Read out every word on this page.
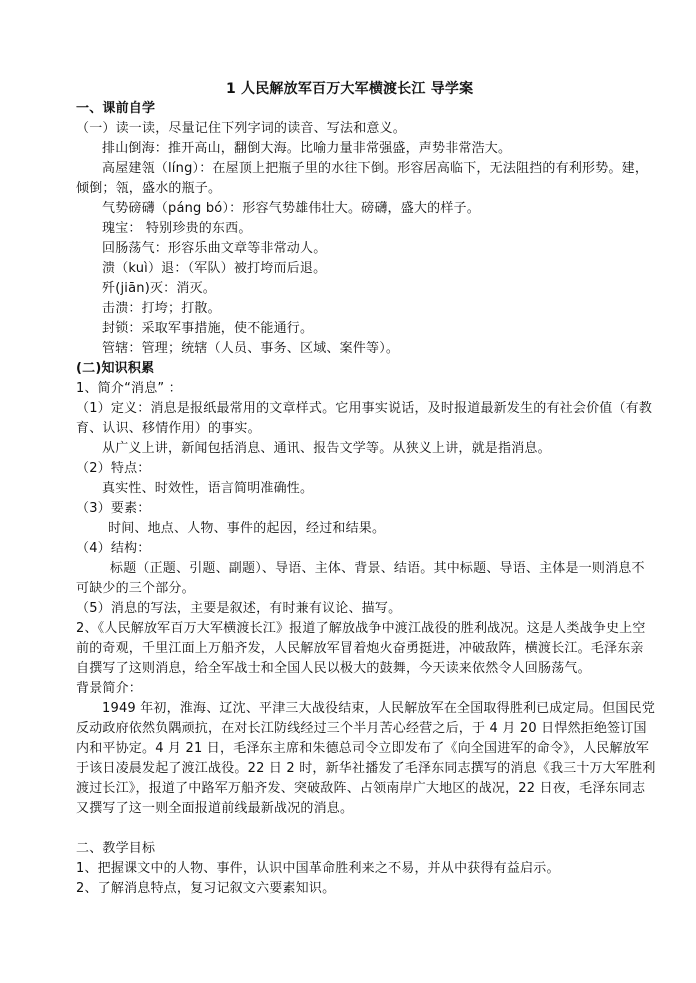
1 人民解放军百万大军横渡长江 导学案
一、课前自学
（一）读一读，尽量记住下列字词的读音、写法和意义。
排山倒海：推开高山，翻倒大海。比喻力量非常强盛，声势非常浩大。
高屋建瓴（líng）：在屋顶上把瓶子里的水往下倒。形容居高临下，无法阻挡的有利形势。建，
倾倒；瓴，盛水的瓶子。
气势磅礴（páng bó）：形容气势雄伟壮大。磅礴，盛大的样子。
瑰宝： 特别珍贵的东西。
回肠荡气：形容乐曲文章等非常动人。
溃（kuì）退：（军队）被打垮而后退。
歼(jiān)灭：消灭。
击溃：打垮；打散。
封锁：采取军事措施，使不能通行。
管辖：管理；统辖（人员、事务、区域、案件等）。
(二)知识积累
1、简介“消息” ：
（1）定义：消息是报纸最常用的文章样式。它用事实说话，及时报道最新发生的有社会价值（有教
育、认识、移情作用）的事实。
从广义上讲，新闻包括消息、通讯、报告文学等。从狭义上讲，就是指消息。
（2）特点：
真实性、时效性，语言简明准确性。
（3）要素：
时间、地点、人物、事件的起因，经过和结果。
（4）结构：
标题（正题、引题、副题）、导语、主体、背景、结语。其中标题、导语、主体是一则消息不
可缺少的三个部分。
（5）消息的写法，主要是叙述，有时兼有议论、描写。
2、《人民解放军百万大军横渡长江》报道了解放战争中渡江战役的胜利战况。这是人类战争史上空
前的奇观，千里江面上万船齐发，人民解放军冒着炮火奋勇挺进，冲破敌阵，横渡长江。毛泽东亲
自撰写了这则消息，给全军战士和全国人民以极大的鼓舞，今天读来依然令人回肠荡气。
背景简介：
1949 年初，淮海、辽沈、平津三大战役结束，人民解放军在全国取得胜利已成定局。但国民党
反动政府依然负隅顽抗，在对长江防线经过三个半月苦心经营之后，于 4 月 20 日悍然拒绝签订国
内和平协定。4 月 21 日，毛泽东主席和朱德总司令立即发布了《向全国进军的命令》，人民解放军
于该日凌晨发起了渡江战役。22 日 2 时，新华社播发了毛泽东同志撰写的消息《我三十万大军胜利
渡过长江》，报道了中路军万船齐发、突破敌阵、占领南岸广大地区的战况，22 日夜，毛泽东同志
又撰写了这一则全面报道前线最新战况的消息。
二、教学目标
1、把握课文中的人物、事件，认识中国革命胜利来之不易，并从中获得有益启示。
2、了解消息特点，复习记叙文六要素知识。
